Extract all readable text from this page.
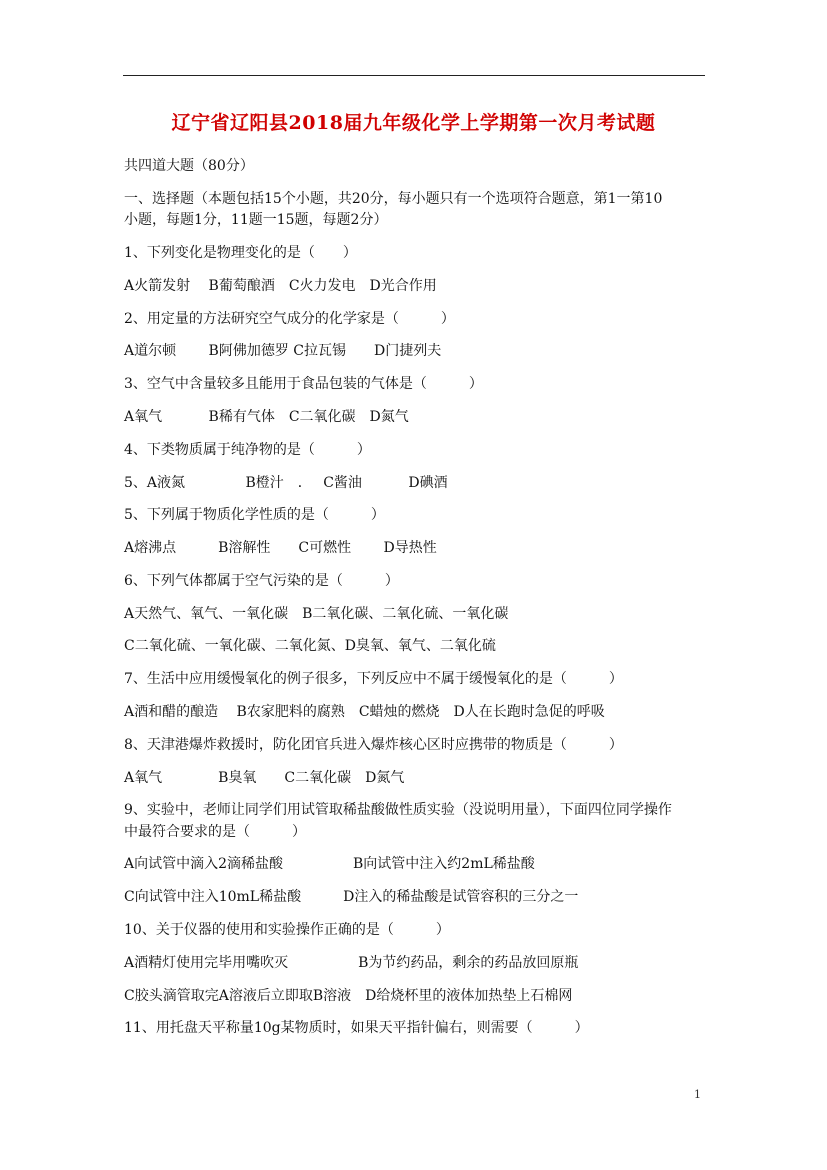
辽宁省辽阳县2018届九年级化学上学期第一次月考试题
共四道大题（80分）
一、选择题（本题包括15个小题，共20分，每小题只有一个选项符合题意，第1一第10
小题，每题1分，11题一15题，每题2分）
1、下列变化是物理变化的是（　　）
A火箭发射　 B葡萄酿酒　C火力发电　D光合作用
2、用定量的方法研究空气成分的化学家是（　　　）
A道尔顿　　 B阿佛加德罗 C拉瓦锡　　D门捷列夫
3、空气中含量较多且能用于食品包装的气体是（　　　）
A氧气　　　 B稀有气体　C二氧化碳　D氮气
4、下类物质属于纯净物的是（　　　）
5、A液氮　　　　 B橙汁　．　 C酱油　　　 D碘酒
5、下列属于物质化学性质的是（　　　）
A熔沸点　　　B溶解性　　C可燃性　　 D导热性
6、下列气体都属于空气污染的是（　　　）
A天然气、氧气、一氧化碳　B二氧化碳、二氧化硫、一氧化碳
C二氧化硫、一氧化碳、二氧化氮、D臭氧、氧气、二氧化硫
7、生活中应用缓慢氧化的例子很多，下列反应中不属于缓慢氧化的是（　　　）
A酒和醋的酿造　 B农家肥料的腐熟　C蜡烛的燃烧　D人在长跑时急促的呼吸
8、天津港爆炸救援时，防化团官兵进入爆炸核心区时应携带的物质是（　　　）
A氧气　　　　B臭氧　　C二氧化碳　D氮气
9、实验中，老师让同学们用试管取稀盐酸做性质实验（没说明用量），下面四位同学操作
中最符合要求的是（　　　）
A向试管中滴入2滴稀盐酸　　　　　B向试管中注入约2mL稀盐酸
C向试管中注入10mL稀盐酸　　　D注入的稀盐酸是试管容积的三分之一
10、关于仪器的使用和实验操作正确的是（　　　）
A酒精灯使用完毕用嘴吹灭　　　　　B为节约药品，剩余的药品放回原瓶
C胶头滴管取完A溶液后立即取B溶液　D给烧杯里的液体加热垫上石棉网
11、用托盘天平称量10g某物质时，如果天平指针偏右，则需要（　　　）
1
